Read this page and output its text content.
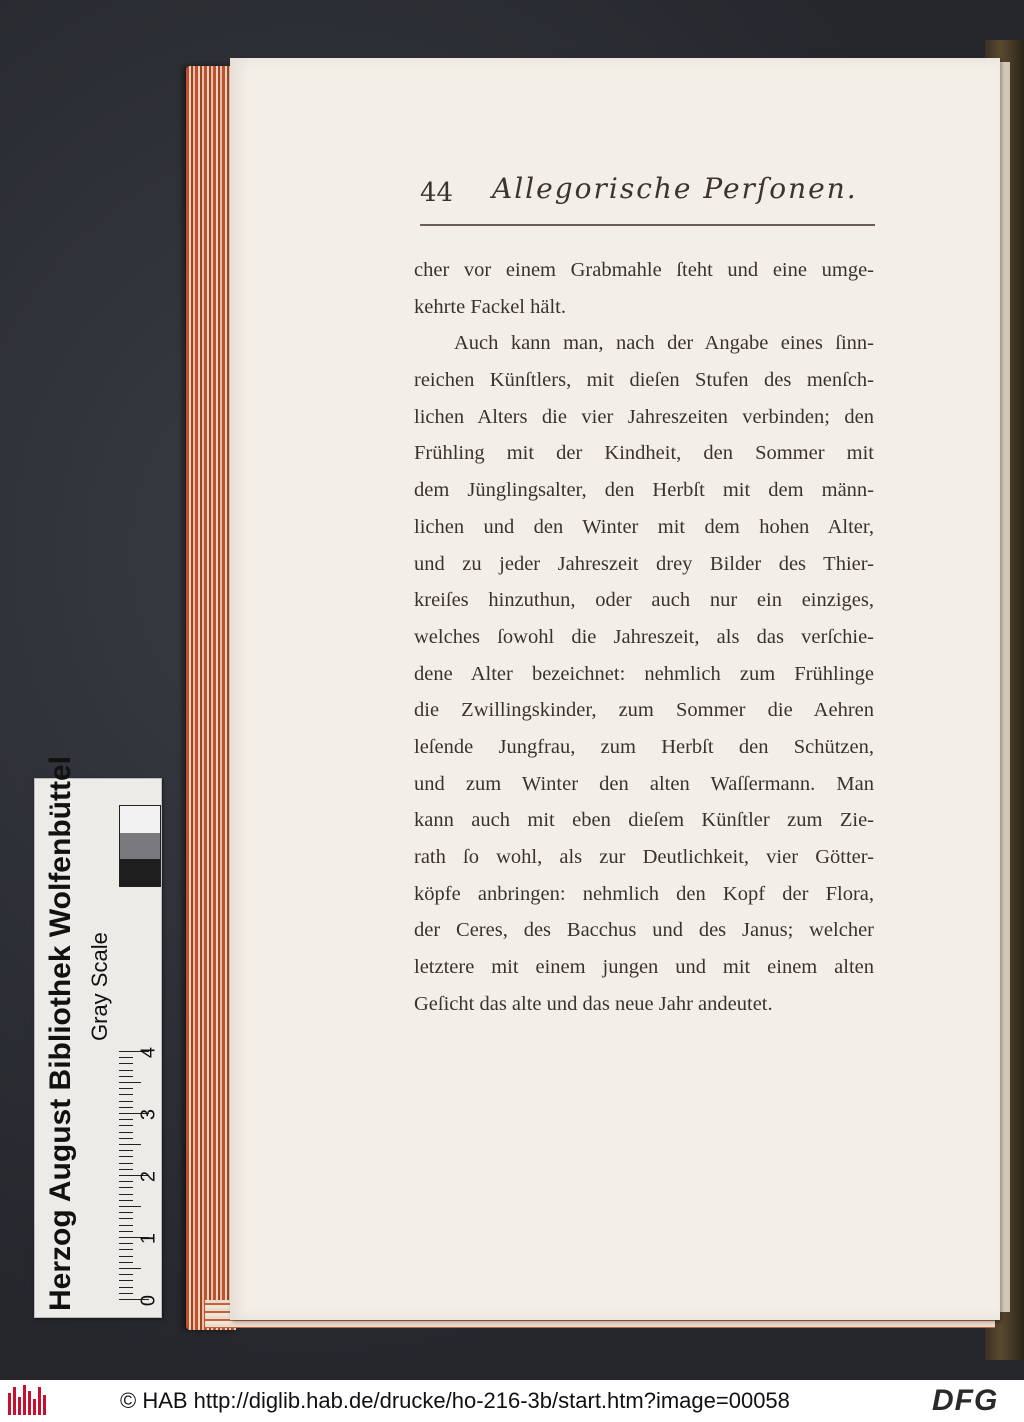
44 Allegorische Perſonen.
cher vor einem Grabmahle ſteht und eine umge-
kehrte Fackel hält.
Auch kann man, nach der Angabe eines ſinn-
reichen Künſtlers, mit dieſen Stufen des menſch-
lichen Alters die vier Jahreszeiten verbinden; den
Frühling mit der Kindheit, den Sommer mit
dem Jünglingsalter, den Herbſt mit dem männ-
lichen und den Winter mit dem hohen Alter,
und zu jeder Jahreszeit drey Bilder des Thier-
kreiſes hinzuthun, oder auch nur ein einziges,
welches ſowohl die Jahreszeit, als das verſchie-
dene Alter bezeichnet: nehmlich zum Frühlinge
die Zwillingskinder, zum Sommer die Aehren
leſende Jungfrau, zum Herbſt den Schützen,
und zum Winter den alten Waſſermann. Man
kann auch mit eben dieſem Künſtler zum Zie-
rath ſo wohl, als zur Deutlichkeit, vier Götter-
köpfe anbringen: nehmlich den Kopf der Flora,
der Ceres, des Bacchus und des Janus; welcher
letztere mit einem jungen und mit einem alten
Geſicht das alte und das neue Jahr andeutet.
Herzog August Bibliothek Wolfenbüttel Gray Scale
0
1
2
3
4
© HAB http://diglib.hab.de/drucke/ho-216-3b/start.htm?image=00058	DFG
